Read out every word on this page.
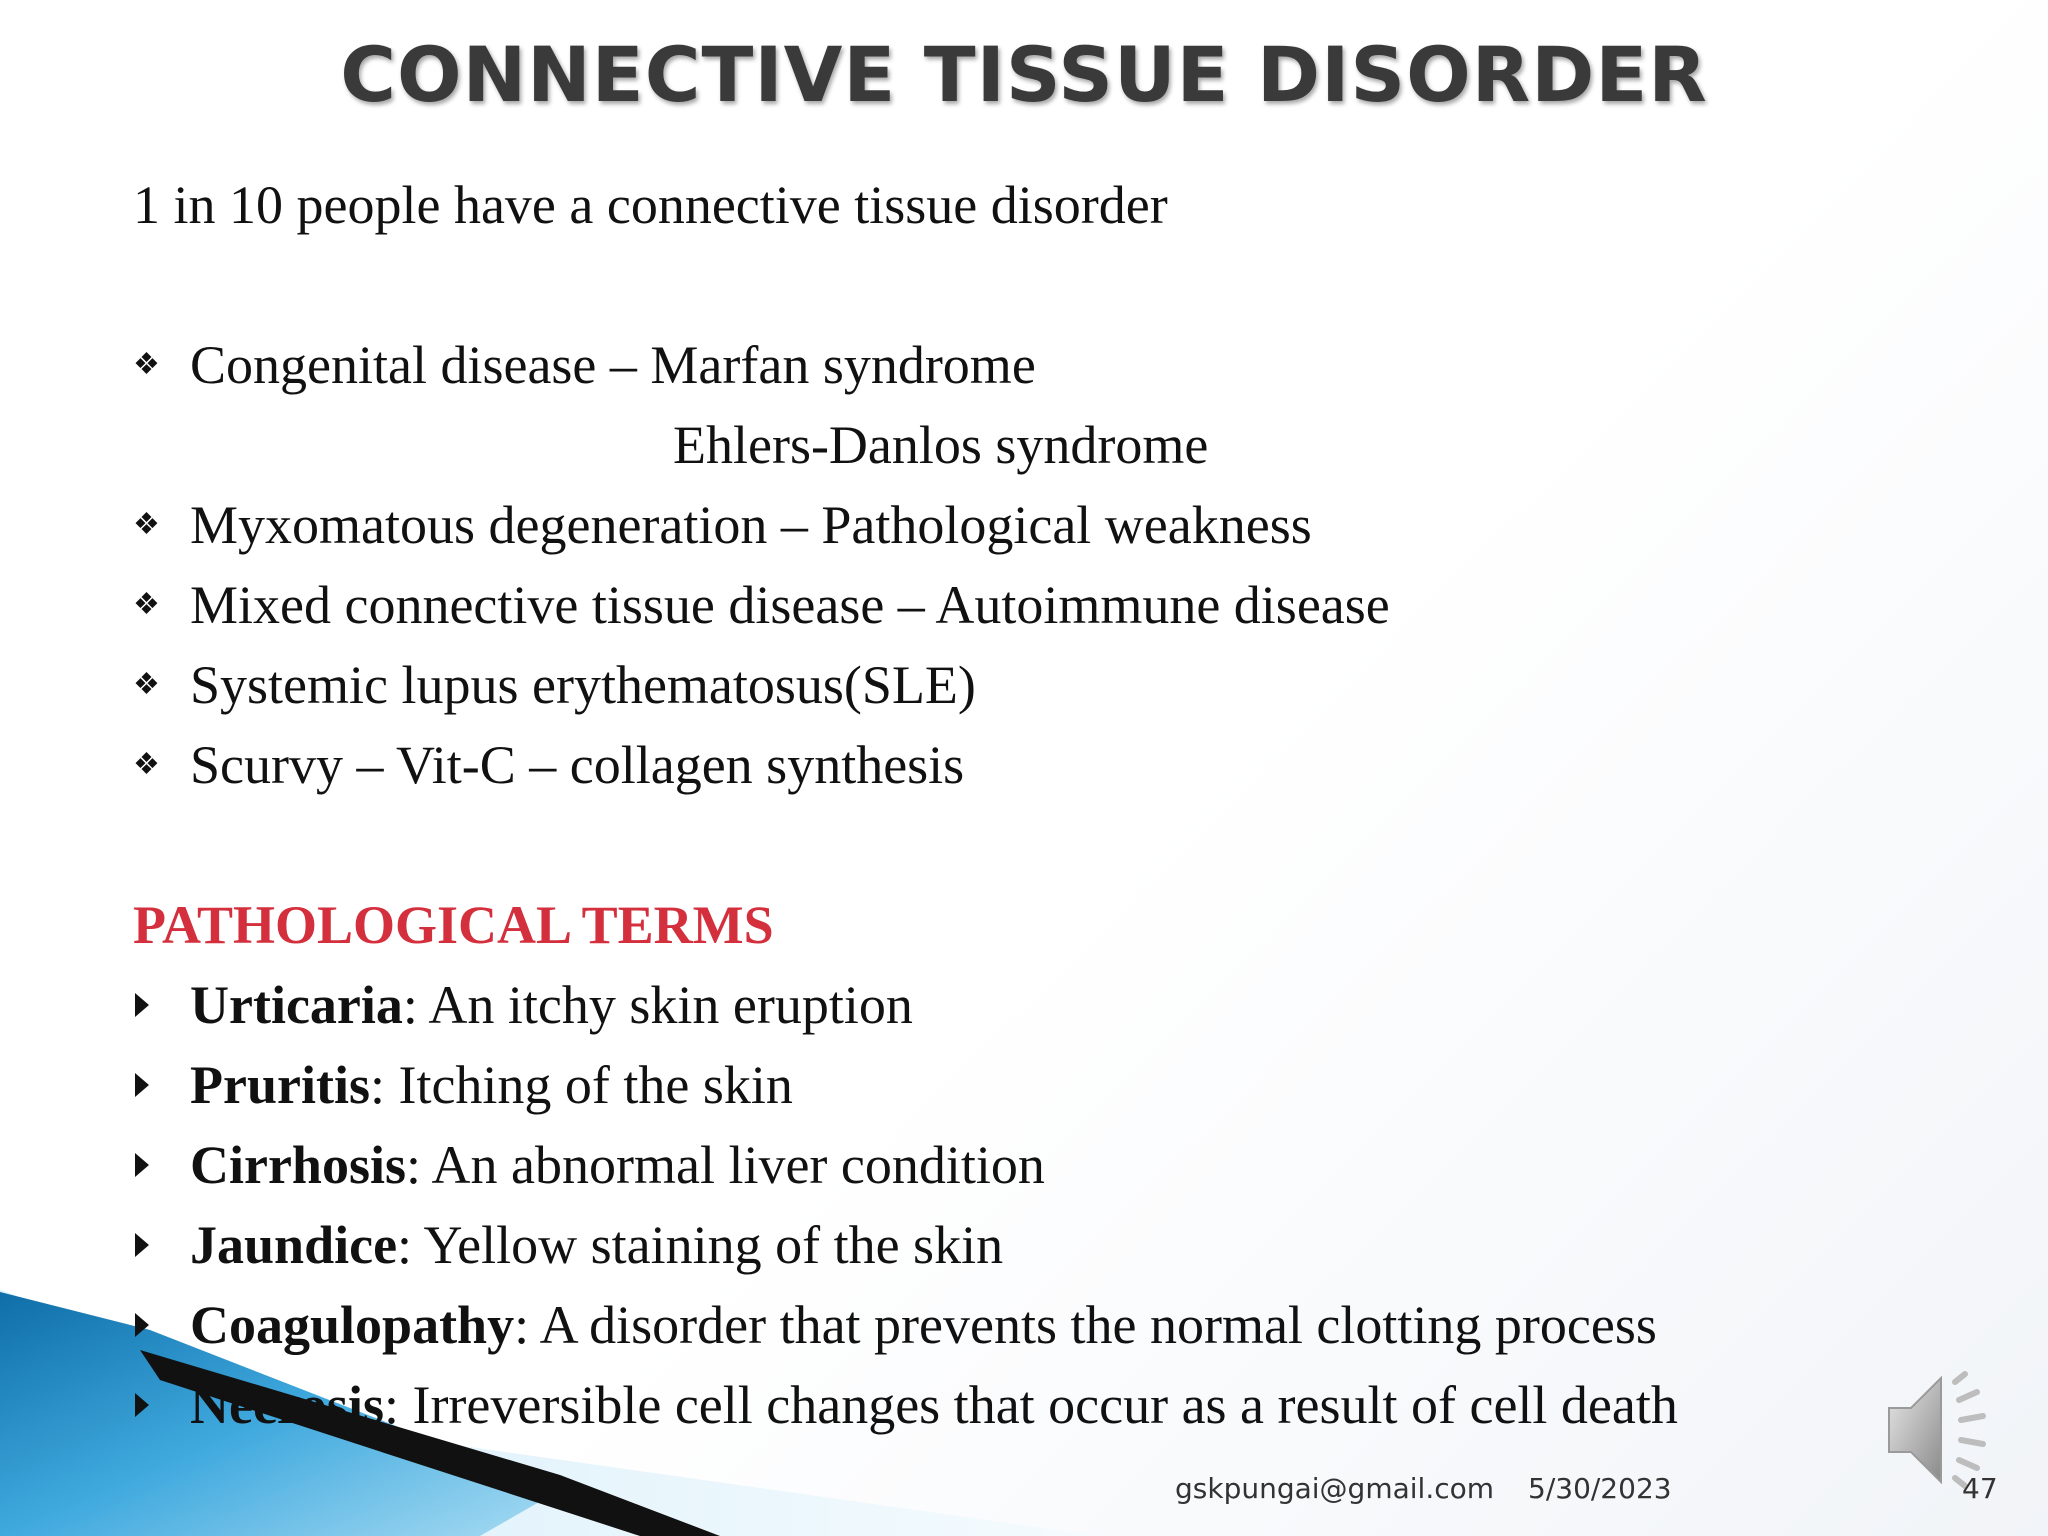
CONNECTIVE TISSUE DISORDER
1 in 10 people have a connective tissue disorder
❖ Congenital disease – Marfan syndrome
Ehlers-Danlos syndrome
❖ Myxomatous degeneration – Pathological weakness
❖ Mixed connective tissue disease – Autoimmune disease
❖ Systemic lupus erythematosus(SLE)
❖ Scurvy – Vit-C – collagen synthesis
PATHOLOGICAL TERMS
Urticaria: An itchy skin eruption
Pruritis: Itching of the skin
Cirrhosis: An abnormal liver condition
Jaundice: Yellow staining of the skin
Coagulopathy: A disorder that prevents the normal clotting process
Necrosis: Irreversible cell changes that occur as a result of cell death
gskpungai@gmail.com 5/30/2023	47
